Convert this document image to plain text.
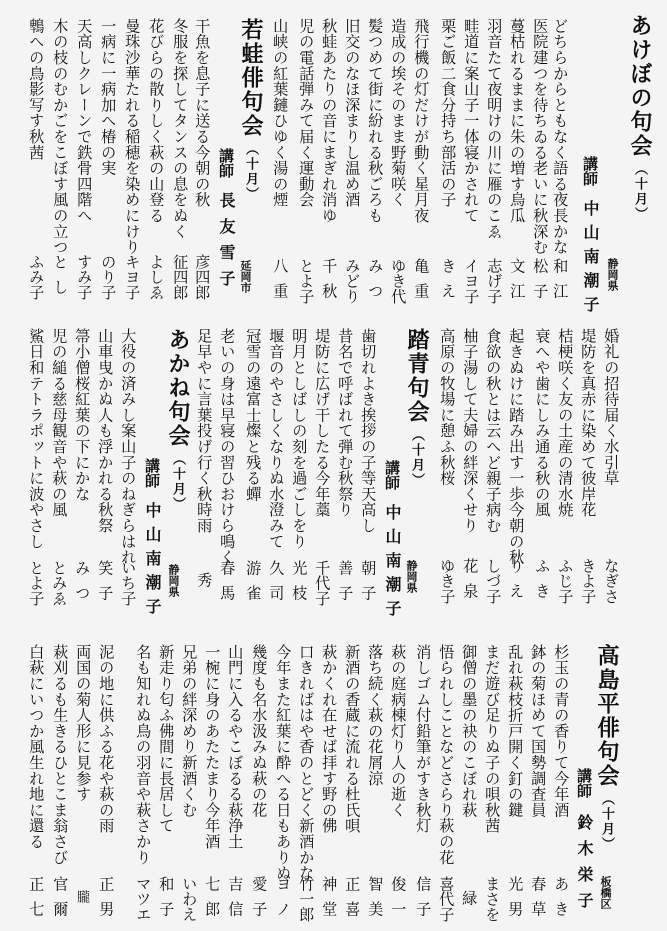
あけぼの句会（十月）
静岡県
講師中山南潮子
どちらからともなく語る夜長かな
和江
医院建つを待ちゐる老いに秋深む
松子
蔓枯れるままに朱の増す烏瓜
文江
羽音たて夜明けの川に雁のこゑ
志げ子
畦道に案山子一体寝かされて
イヨ子
栗ご飯二食分持ち部活の子
きえ
飛行機の灯だけが動く星月夜
亀重
造成の埃そのまま野菊咲く
ゆき代
髪つめて街に紛れる秋ごろも
みつ
旧交のなほ深まりし温め酒
みどり
秋蛙あたりの音にまぎれ消ゆ
千秋
児の電話弾みて届く運動会
とよ子
山峡の紅葉鏈ひゆく湯の煙
八重
若蛙俳句会（十月）
延岡市
講師長友雪子
干魚を息子に送る今朝の秋
彦四郎
冬服を探してタンスの息をぬく
征四郎
花びらの散りしく萩の山登る
よしゑ
曼珠沙華たれる稲穂を染めにけり
キヨ子
一病に一病加へ椿の実
のり子
天高しクレーンで鉄骨四階へ
すみ子
木の枝のむかごをこぼす風の立つ
とし
鵯への鳥影写す秋茜
ふみ子
婚礼の招待届く水引草
なぎさ
堤防を真赤に染めて彼岸花
きよ子
桔梗咲く友の土産の清水焼
ふじ子
衰へや歯にしみ通る秋の風
ふき
起きぬけに踏み出す一歩今朝の秋
りえ
食欲の秋とは云へど親子病む
しづ子
柚子湯して夫婦の絆深くせり
花泉
高原の牧場に憩ふ秋桜
ゆき子
踏青句会（十月）
静岡県
講師中山南潮子
歯切れよき挨拶の子等天高し
朝子
昔名で呼ばれて弾む秋祭り
善子
堤防に広げ干したる今年藁
千代子
明月としばしの刻を過ごしをり
光枝
堰音のやさしくなりぬ水澄みて
久司
冠雪の遠富士燦と残る蟬
游雀
老いの身は早寝の習ひおけら鳴く
春馬
足早やに言葉投げ行く秋時雨
秀
あかね句会（十月）
静岡県
講師中山南潮子
大役の済みし案山子のねぎらはれ
いち子
山車曳かぬ人も浮かれる秋祭
笑子
箒小僧桜紅葉の下にかな
みつ
児の縋る慈母観音や萩の風
とみゑ
鯊日和テトラポットに波やさし
とよ子
高島平俳句会（十月）
板橋区
講師鈴木栄子
杉玉の青の香りて今年酒
あき
鉢の菊ほめて国勢調査員
春草
乱れ萩枝折戸開く釘の鍵
光男
まだ遊び足りぬ子の唄秋茜
まさを
御僧の墨の袂のこぼれ萩
緑
悟られしことなどさらり萩の花
喜代子
消しゴム付鉛筆がすき秋灯
信子
萩の庭病棟灯り人の逝く
俊一
落ち続く萩の花屑涼
智美
新酒の香蔵に流れる杜氏唄
正喜
萩かくれ在せば拝す野の佛
神堂
口きればはや香のとどく新酒かな
竹一郎
今年また紅葉に酔へる日もありぬ
ヨノ
幾度も名水汲みぬ萩の花
愛子
山門に入るやこぼるる萩浄土
吉信
一椀に身のあたたまり今年酒
七郎
兄弟の絆深めり新酒くむ
いわえ
新走り匂ふ佛間に長居して
和子
名も知れぬ鳥の羽音や萩さかり
マツエ
泥の地に供ふる花や萩の雨
正男
両国の菊人形に見参す
朧
萩刈るも生きるひとこま翁さび
官爾
白萩にいつか風生れ地に還る
正七
